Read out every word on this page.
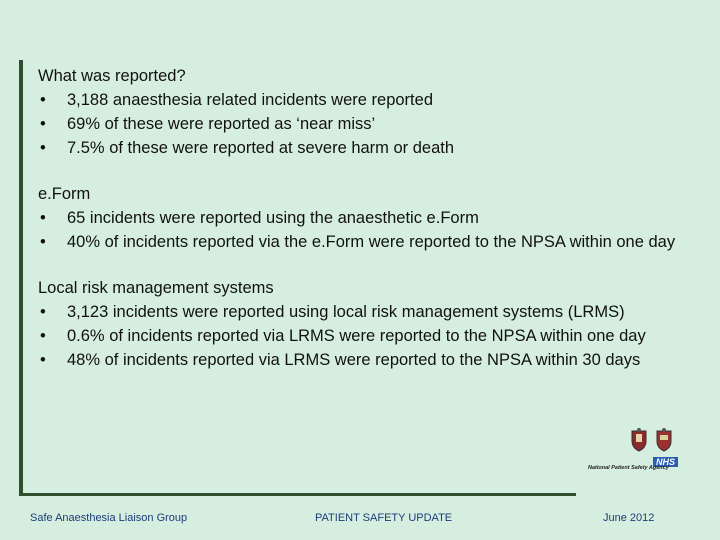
What was reported?
•	3,188 anaesthesia related incidents were reported
•	69% of these were reported as ‘near miss’
•	7.5% of these were reported at severe harm or death
e.Form
•	65 incidents were reported using the anaesthetic e.Form
•	40% of incidents reported via the e.Form were reported to the NPSA within one day
Local risk management systems
•	3,123 incidents were reported using local risk management systems (LRMS)
•	0.6% of incidents reported via LRMS were reported to the NPSA within one day
•	48% of incidents reported via LRMS were reported to the NPSA within 30 days
NHS
National Patient Safety Agency
Safe Anaesthesia Liaison Group	PATIENT SAFETY UPDATE	June 2012
